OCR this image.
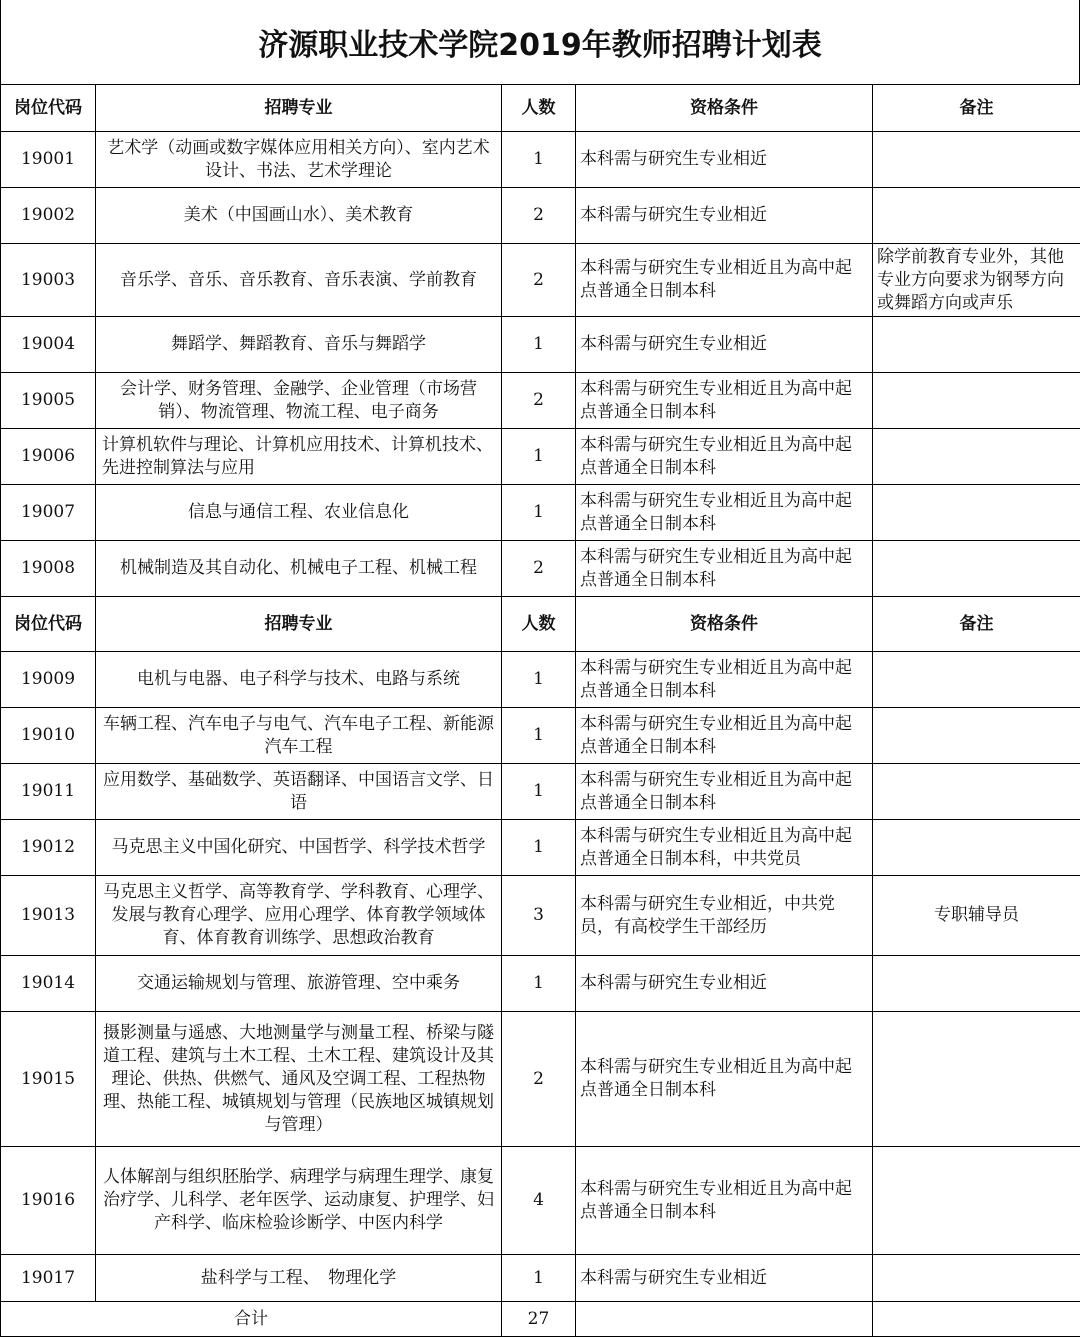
济源职业技术学院2019年教师招聘计划表
岗位代码	招聘专业	人数	资格条件	备注
19001	艺术学（动画或数字媒体应用相关方向）、室内艺术设计、书法、艺术学理论	1	本科需与研究生专业相近	
19002	美术（中国画山水）、美术教育	2	本科需与研究生专业相近	
19003	音乐学、音乐、音乐教育、音乐表演、学前教育	2	本科需与研究生专业相近且为高中起点普通全日制本科	除学前教育专业外，其他专业方向要求为钢琴方向或舞蹈方向或声乐
19004	舞蹈学、舞蹈教育、音乐与舞蹈学	1	本科需与研究生专业相近	
19005	会计学、财务管理、金融学、企业管理（市场营销）、物流管理、物流工程、电子商务	2	本科需与研究生专业相近且为高中起点普通全日制本科	
19006	计算机软件与理论、计算机应用技术、计算机技术、先进控制算法与应用	1	本科需与研究生专业相近且为高中起点普通全日制本科	
19007	信息与通信工程、农业信息化	1	本科需与研究生专业相近且为高中起点普通全日制本科	
19008	机械制造及其自动化、机械电子工程、机械工程	2	本科需与研究生专业相近且为高中起点普通全日制本科	
岗位代码	招聘专业	人数	资格条件	备注
19009	电机与电器、电子科学与技术、电路与系统	1	本科需与研究生专业相近且为高中起点普通全日制本科	
19010	车辆工程、汽车电子与电气、汽车电子工程、新能源汽车工程	1	本科需与研究生专业相近且为高中起点普通全日制本科	
19011	应用数学、基础数学、英语翻译、中国语言文学、日语	1	本科需与研究生专业相近且为高中起点普通全日制本科	
19012	马克思主义中国化研究、中国哲学、科学技术哲学	1	本科需与研究生专业相近且为高中起点普通全日制本科，中共党员	
19013	马克思主义哲学、高等教育学、学科教育、心理学、发展与教育心理学、应用心理学、体育教学领域体育、体育教育训练学、思想政治教育	3	本科需与研究生专业相近，中共党员，有高校学生干部经历	专职辅导员
19014	交通运输规划与管理、旅游管理、空中乘务	1	本科需与研究生专业相近	
19015	摄影测量与遥感、大地测量学与测量工程、桥梁与隧道工程、建筑与土木工程、土木工程、建筑设计及其理论、供热、供燃气、通风及空调工程、工程热物理、热能工程、城镇规划与管理（民族地区城镇规划与管理）	2	本科需与研究生专业相近且为高中起点普通全日制本科	
19016	人体解剖与组织胚胎学、病理学与病理生理学、康复治疗学、儿科学、老年医学、运动康复、护理学、妇产科学、临床检验诊断学、中医内科学	4	本科需与研究生专业相近且为高中起点普通全日制本科	
19017	盐科学与工程、　物理化学	1	本科需与研究生专业相近	
合计		27		
